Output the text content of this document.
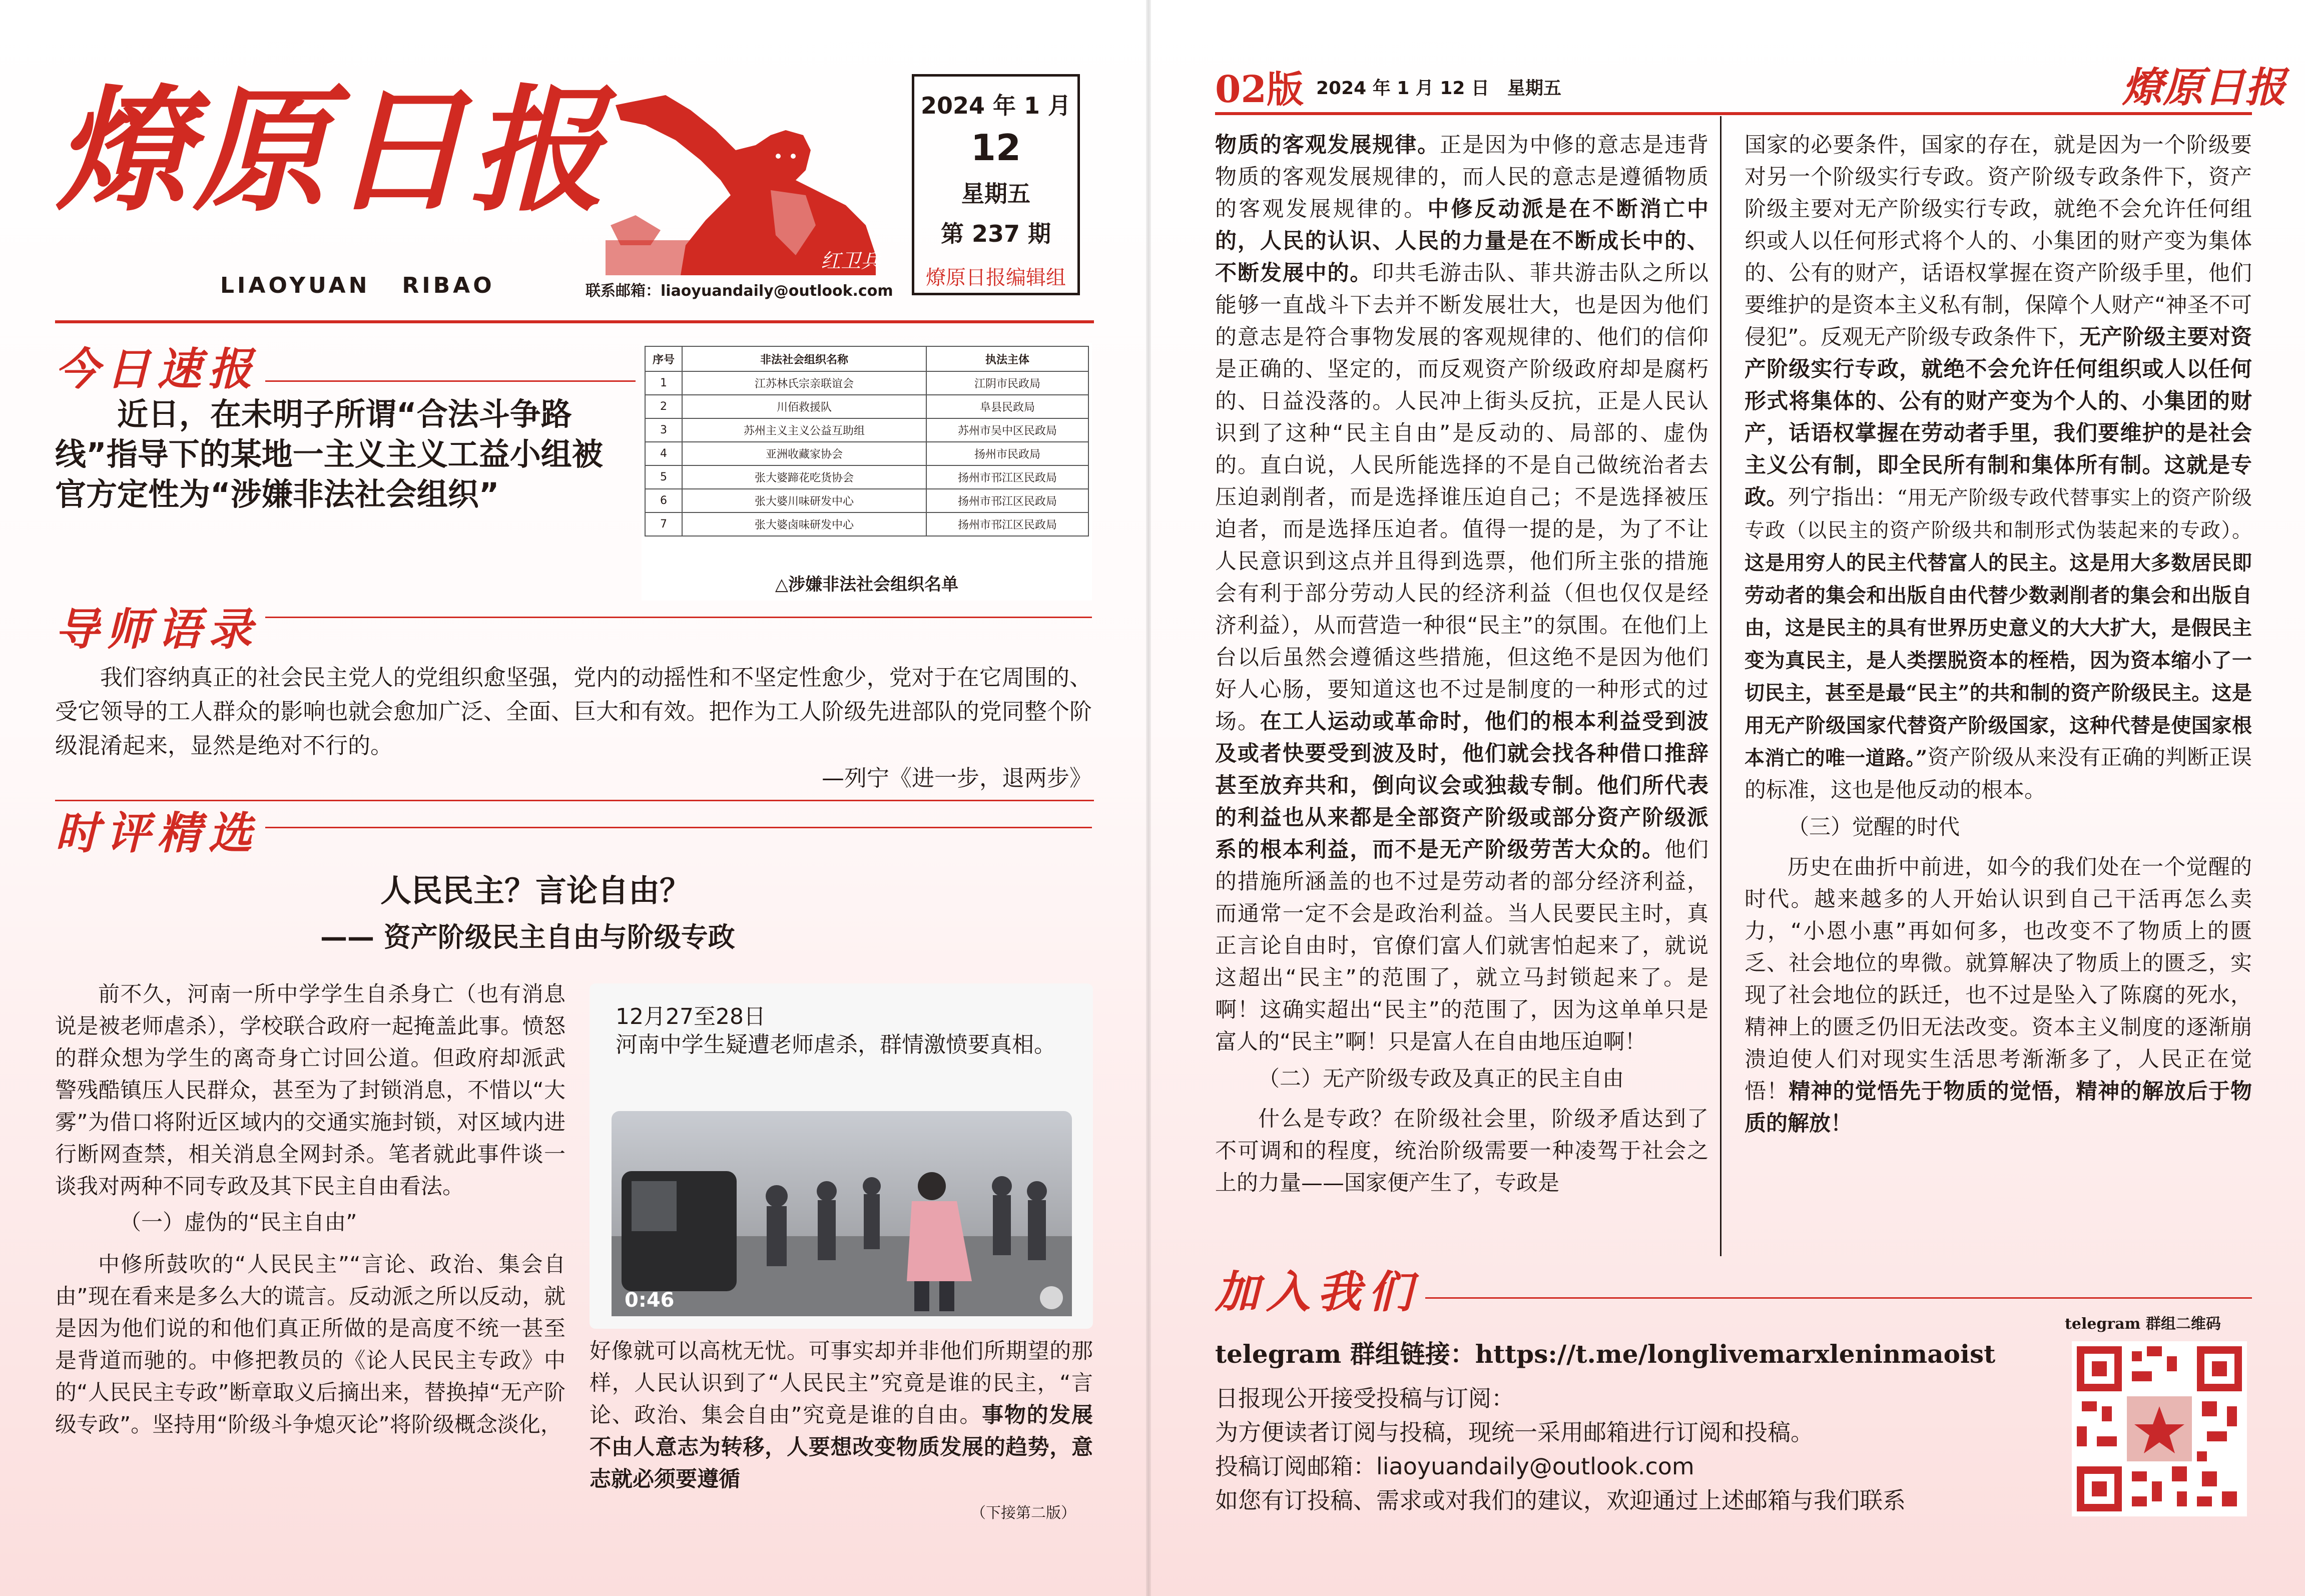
燎原日报
LIAOYUAN   RIBAO
红卫兵
2024 年 1 月
12
星期五
第 237 期
燎原日报编辑组
联系邮箱：liaoyuandaily@outlook.com
今日速报
近日，在未明子所谓“合法斗争路线”指导下的某地一主义主义工益小组被官方定性为“涉嫌非法社会组织”
序号	非法社会组织名称	执法主体
1	江苏林氏宗亲联谊会	江阴市民政局
2	川佰救援队	阜县民政局
3	苏州主义主义公益互助组	苏州市吴中区民政局
4	亚洲收藏家协会	扬州市民政局
5	张大婆蹄花吃货协会	扬州市邗江区民政局
6	张大婆川味研发中心	扬州市邗江区民政局
7	张大婆卤味研发中心	扬州市邗江区民政局
△涉嫌非法社会组织名单
导师语录

我们容纳真正的社会民主党人的党组织愈坚强，党内的动摇性和不坚定性愈少，党对于在它周围的、受它领导的工人群众的影响也就会愈加广泛、全面、巨大和有效。把作为工人阶级先进部队的党同整个阶级混淆起来，显然是绝对不行的。

—列宁《进一步，退两步》
时评精选
人民民主？言论自由？
—— 资产阶级民主自由与阶级专政

前不久，河南一所中学学生自杀身亡（也有消息说是被老师虐杀），学校联合政府一起掩盖此事。愤怒的群众想为学生的离奇身亡讨回公道。但政府却派武警残酷镇压人民群众，甚至为了封锁消息，不惜以“大雾”为借口将附近区域内的交通实施封锁，对区域内进行断网查禁，相关消息全网封杀。笔者就此事件谈一谈我对两种不同专政及其下民主自由看法。

（一）虚伪的“民主自由”

中修所鼓吹的“人民民主”“言论、政治、集会自由”现在看来是多么大的谎言。反动派之所以反动，就是因为他们说的和他们真正所做的是高度不统一甚至是背道而驰的。中修把教员的《论人民民主专政》中的“人民民主专政”断章取义后摘出来，替换掉“无产阶级专政”。坚持用“阶级斗争熄灭论”将阶级概念淡化，

12月27至28日
河南中学生疑遭老师虐杀，群情激愤要真相。
0:46

好像就可以高枕无忧。可事实却并非他们所期望的那样，人民认识到了“人民民主”究竟是谁的民主，“言论、政治、集会自由”究竟是谁的自由。事物的发展不由人意志为转移，人要想改变物质发展的趋势，意志就必须要遵循

（下接第二版）
02版 2024 年 1 月 12 日　星期五	燎原日报

物质的客观发展规律。正是因为中修的意志是违背物质的客观发展规律的，而人民的意志是遵循物质的客观发展规律的。中修反动派是在不断消亡中的，人民的认识、人民的力量是在不断成长中的、不断发展中的。印共毛游击队、菲共游击队之所以能够一直战斗下去并不断发展壮大，也是因为他们的意志是符合事物发展的客观规律的、他们的信仰是正确的、坚定的，而反观资产阶级政府却是腐朽的、日益没落的。人民冲上街头反抗，正是人民认识到了这种“民主自由”是反动的、局部的、虚伪的。直白说，人民所能选择的不是自己做统治者去压迫剥削者，而是选择谁压迫自己；不是选择被压迫者，而是选择压迫者。值得一提的是，为了不让人民意识到这点并且得到选票，他们所主张的措施会有利于部分劳动人民的经济利益（但也仅仅是经济利益），从而营造一种很“民主”的氛围。在他们上台以后虽然会遵循这些措施，但这绝不是因为他们好人心肠，要知道这也不过是制度的一种形式的过场。在工人运动或革命时，他们的根本利益受到波及或者快要受到波及时，他们就会找各种借口推辞甚至放弃共和，倒向议会或独裁专制。他们所代表的利益也从来都是全部资产阶级或部分资产阶级派系的根本利益，而不是无产阶级劳苦大众的。他们的措施所涵盖的也不过是劳动者的部分经济利益，而通常一定不会是政治利益。当人民要民主时，真正言论自由时，官僚们富人们就害怕起来了，就说这超出“民主”的范围了，就立马封锁起来了。是啊！这确实超出“民主”的范围了，因为这单单只是富人的“民主”啊！只是富人在自由地压迫啊！

（二）无产阶级专政及真正的民主自由

什么是专政？在阶级社会里，阶级矛盾达到了不可调和的程度，统治阶级需要一种凌驾于社会之上的力量——国家便产生了，专政是

国家的必要条件，国家的存在，就是因为一个阶级要对另一个阶级实行专政。资产阶级专政条件下，资产阶级主要对无产阶级实行专政，就绝不会允许任何组织或人以任何形式将个人的、小集团的财产变为集体的、公有的财产，话语权掌握在资产阶级手里，他们要维护的是资本主义私有制，保障个人财产“神圣不可侵犯”。反观无产阶级专政条件下，无产阶级主要对资产阶级实行专政，就绝不会允许任何组织或人以任何形式将集体的、公有的财产变为个人的、小集团的财产，话语权掌握在劳动者手里，我们要维护的是社会主义公有制，即全民所有制和集体所有制。这就是专政。列宁指出：“用无产阶级专政代替事实上的资产阶级专政（以民主的资产阶级共和制形式伪装起来的专政）。这是用穷人的民主代替富人的民主。这是用大多数居民即劳动者的集会和出版自由代替少数剥削者的集会和出版自由，这是民主的具有世界历史意义的大大扩大，是假民主变为真民主，是人类摆脱资本的桎梏，因为资本缩小了一切民主，甚至是最“民主”的共和制的资产阶级民主。这是用无产阶级国家代替资产阶级国家，这种代替是使国家根本消亡的唯一道路。”资产阶级从来没有正确的判断正误的标准，这也是他反动的根本。

（三）觉醒的时代

历史在曲折中前进，如今的我们处在一个觉醒的时代。越来越多的人开始认识到自己干活再怎么卖力，“小恩小惠”再如何多，也改变不了物质上的匮乏、社会地位的卑微。就算解决了物质上的匮乏，实现了社会地位的跃迁，也不过是坠入了陈腐的死水，精神上的匮乏仍旧无法改变。资本主义制度的逐渐崩溃迫使人们对现实生活思考渐渐多了，人民正在觉悟！精神的觉悟先于物质的觉悟，精神的解放后于物质的解放！

加入我们
telegram 群组链接：https://t.me/longlivemarxleninmaoist
日报现公开接受投稿与订阅：
为方便读者订阅与投稿，现统一采用邮箱进行订阅和投稿。
投稿订阅邮箱：liaoyuandaily@outlook.com
如您有订投稿、需求或对我们的建议，欢迎通过上述邮箱与我们联系
telegram 群组二维码
